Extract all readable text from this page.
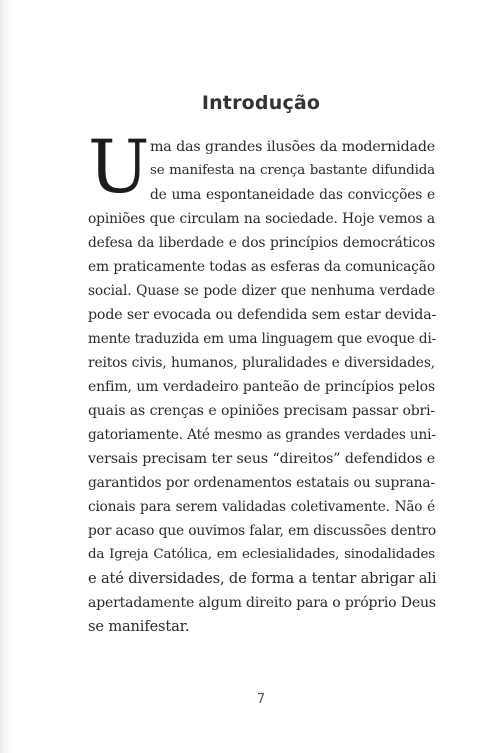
Introdução
U ma das grandes ilusões da modernidade
se manifesta na crença bastante difundida
de uma espontaneidade das convicções e
opiniões que circulam na sociedade. Hoje vemos a
defesa da liberdade e dos princípios democráticos
em praticamente todas as esferas da comunicação
social. Quase se pode dizer que nenhuma verdade
pode ser evocada ou defendida sem estar devida-
mente traduzida em uma linguagem que evoque di-
reitos civis, humanos, pluralidades e diversidades,
enfim, um verdadeiro panteão de princípios pelos
quais as crenças e opiniões precisam passar obri-
gatoriamente. Até mesmo as grandes verdades uni-
versais precisam ter seus “direitos” defendidos e
garantidos por ordenamentos estatais ou suprana-
cionais para serem validadas coletivamente. Não é
por acaso que ouvimos falar, em discussões dentro
da Igreja Católica, em eclesialidades, sinodalidades
e até diversidades, de forma a tentar abrigar ali
apertadamente algum direito para o próprio Deus
se manifestar.
7
